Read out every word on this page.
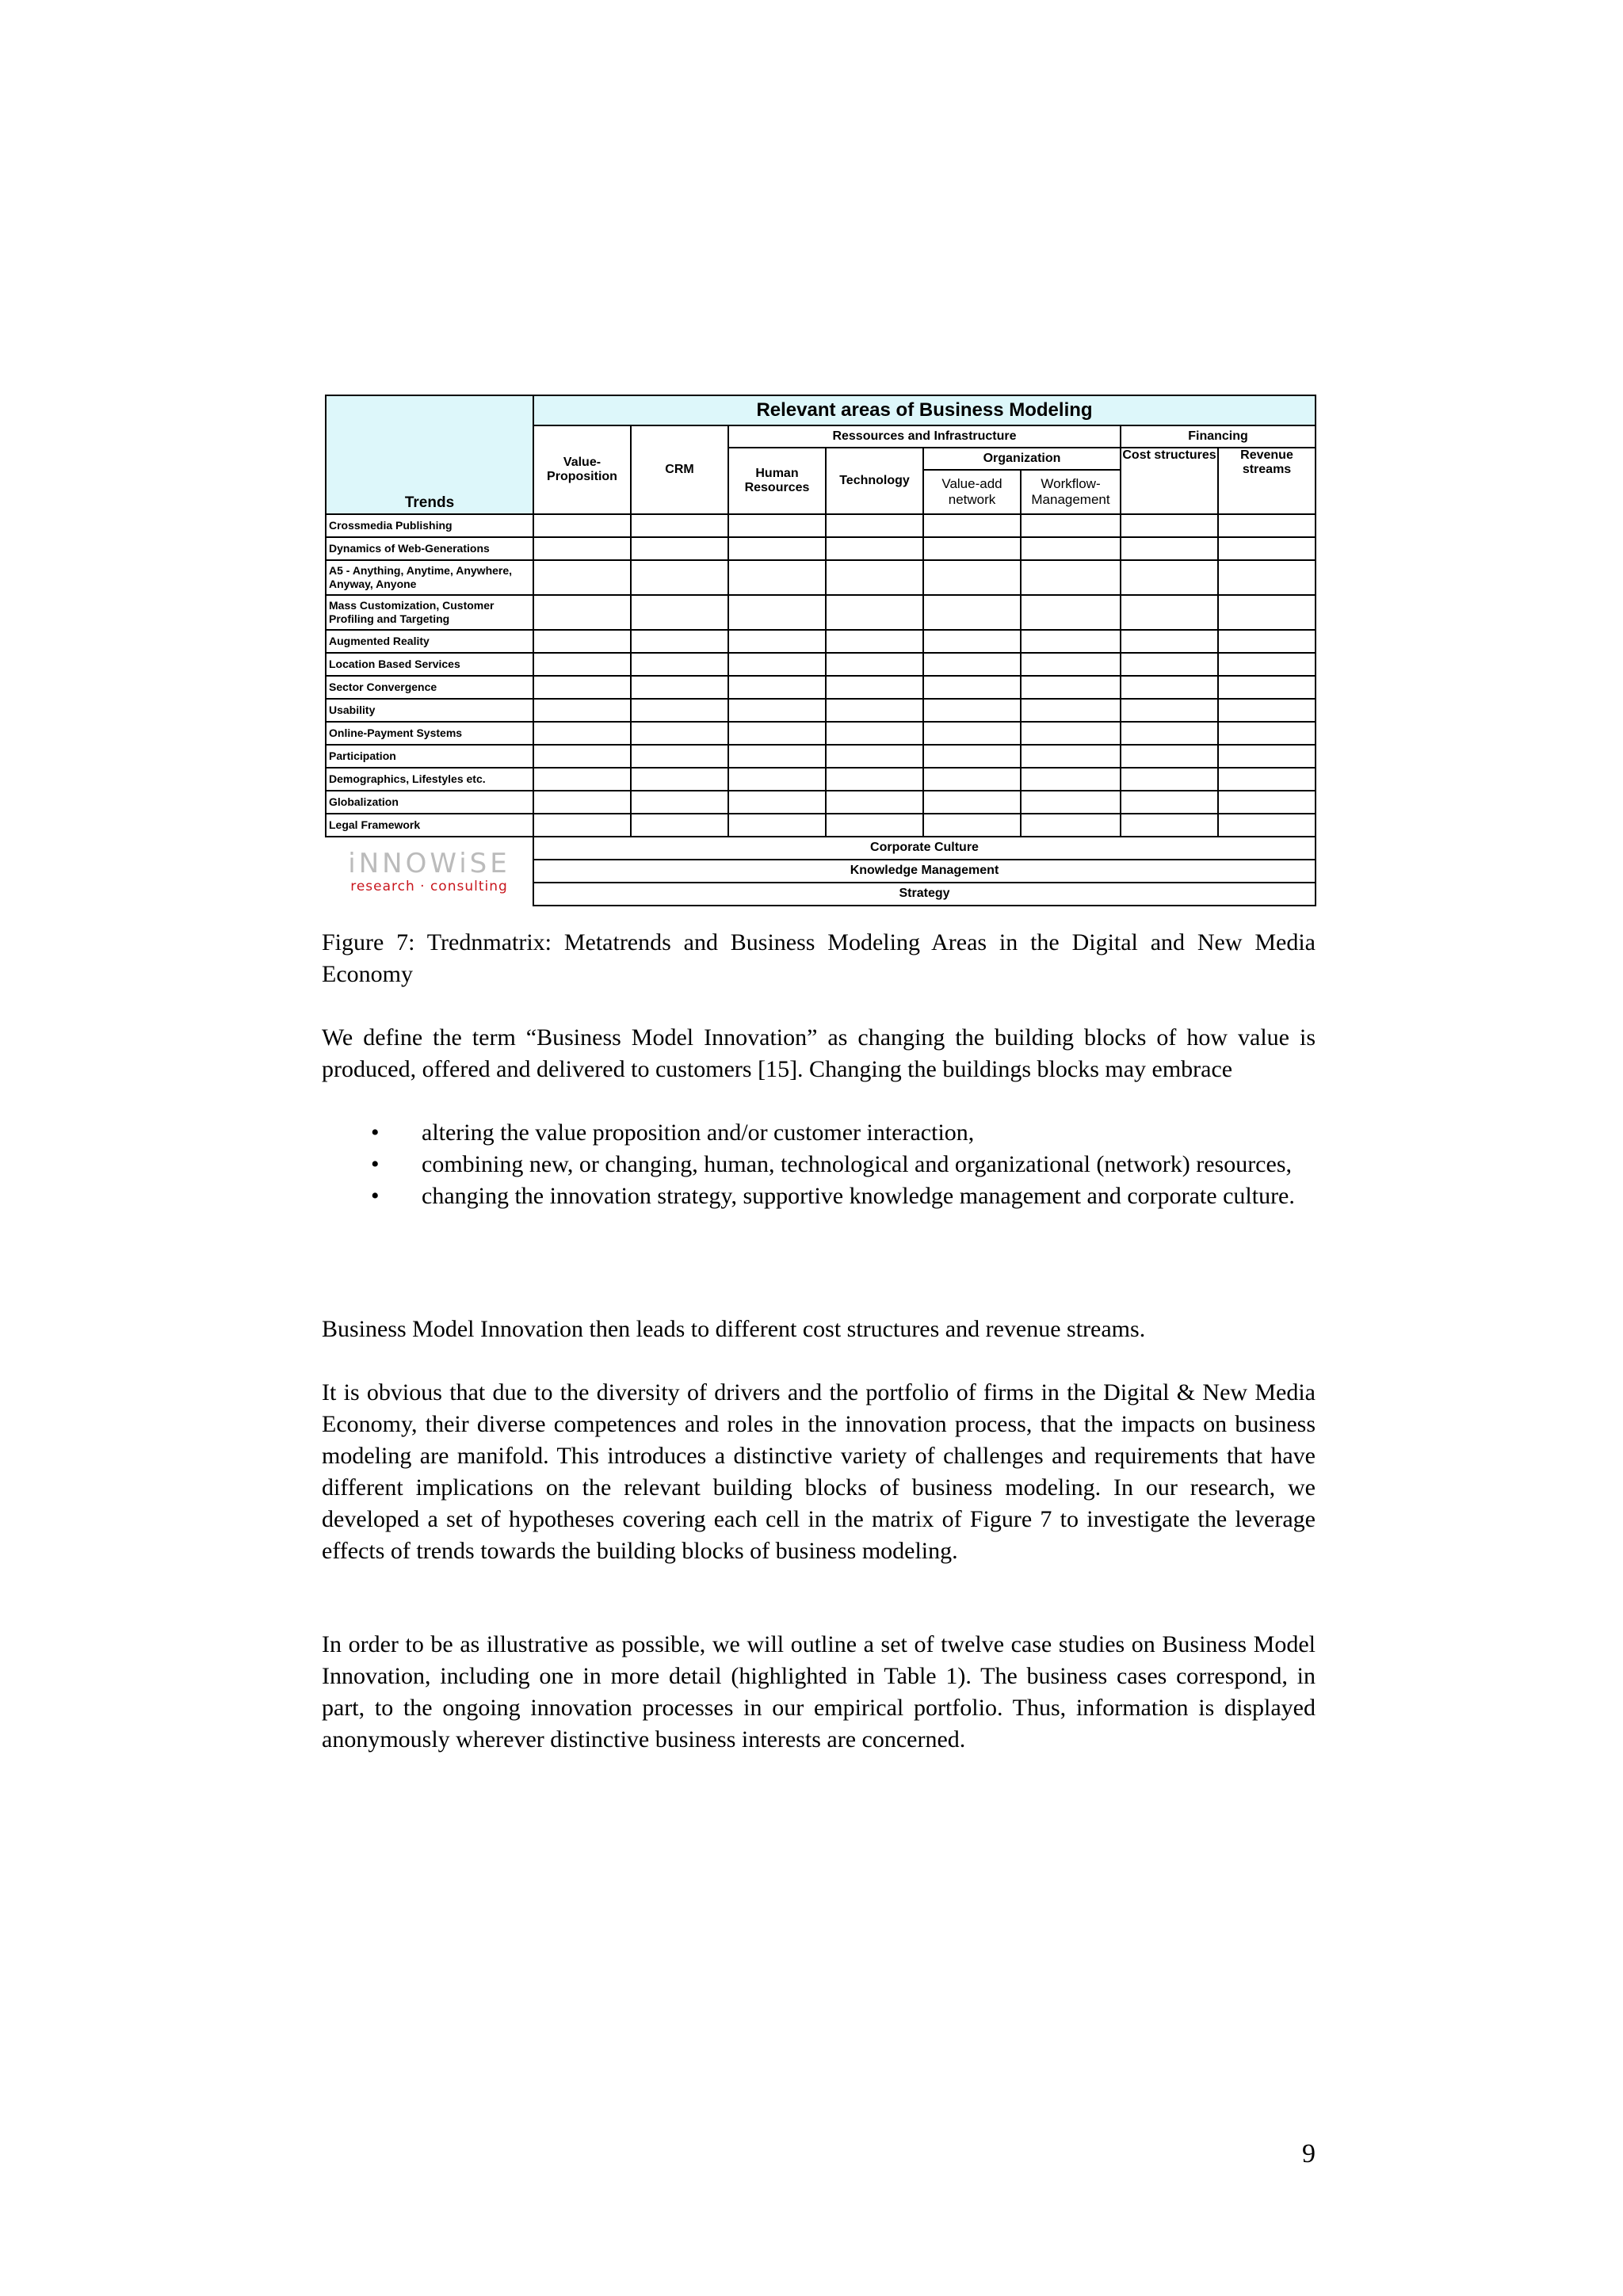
Trends	Relevant areas of Business Modeling							
	Value-Proposition	CRM	Ressources and Infrastructure				Financing	
			Human Resources	Technology	Organization		Cost structures	Revenue streams
					Value-add network	Workflow-Management		
Crossmedia Publishing								
Dynamics of Web-Generations								
A5 - Anything, Anytime, Anywhere, Anyway, Anyone								
Mass Customization, Customer Profiling and Targeting								
Augmented Reality								
Location Based Services								
Sector Convergence								
Usability								
Online-Payment Systems								
Participation								
Demographics, Lifestyles etc.								
Globalization								
Legal Framework								

iNNOWiSE
research · consulting	Corporate Culture							
	Knowledge Management							
	Strategy							

Figure 7: Trednmatrix: Metatrends and Business Modeling Areas in the Digital and New Media Economy

We define the term “Business Model Innovation” as changing the building blocks of how value is produced, offered and delivered to customers [15]. Changing the buildings blocks may embrace

• altering the value proposition and/or customer interaction,
• combining new, or changing, human, technological and organizational (network) resources,
• changing the innovation strategy, supportive knowledge management and corporate culture.

Business Model Innovation then leads to different cost structures and revenue streams.

It is obvious that due to the diversity of drivers and the portfolio of firms in the Digital & New Media Economy, their diverse competences and roles in the innovation process, that the impacts on business modeling are manifold. This introduces a distinctive variety of challenges and requirements that have different implications on the relevant building blocks of business modeling. In our research, we developed a set of hypotheses covering each cell in the matrix of Figure 7 to investigate the leverage effects of trends towards the building blocks of business modeling.

In order to be as illustrative as possible, we will outline a set of twelve case studies on Business Model Innovation, including one in more detail (highlighted in Table 1). The business cases correspond, in part, to the ongoing innovation processes in our empirical portfolio. Thus, information is displayed anonymously wherever distinctive business interests are concerned.

9
